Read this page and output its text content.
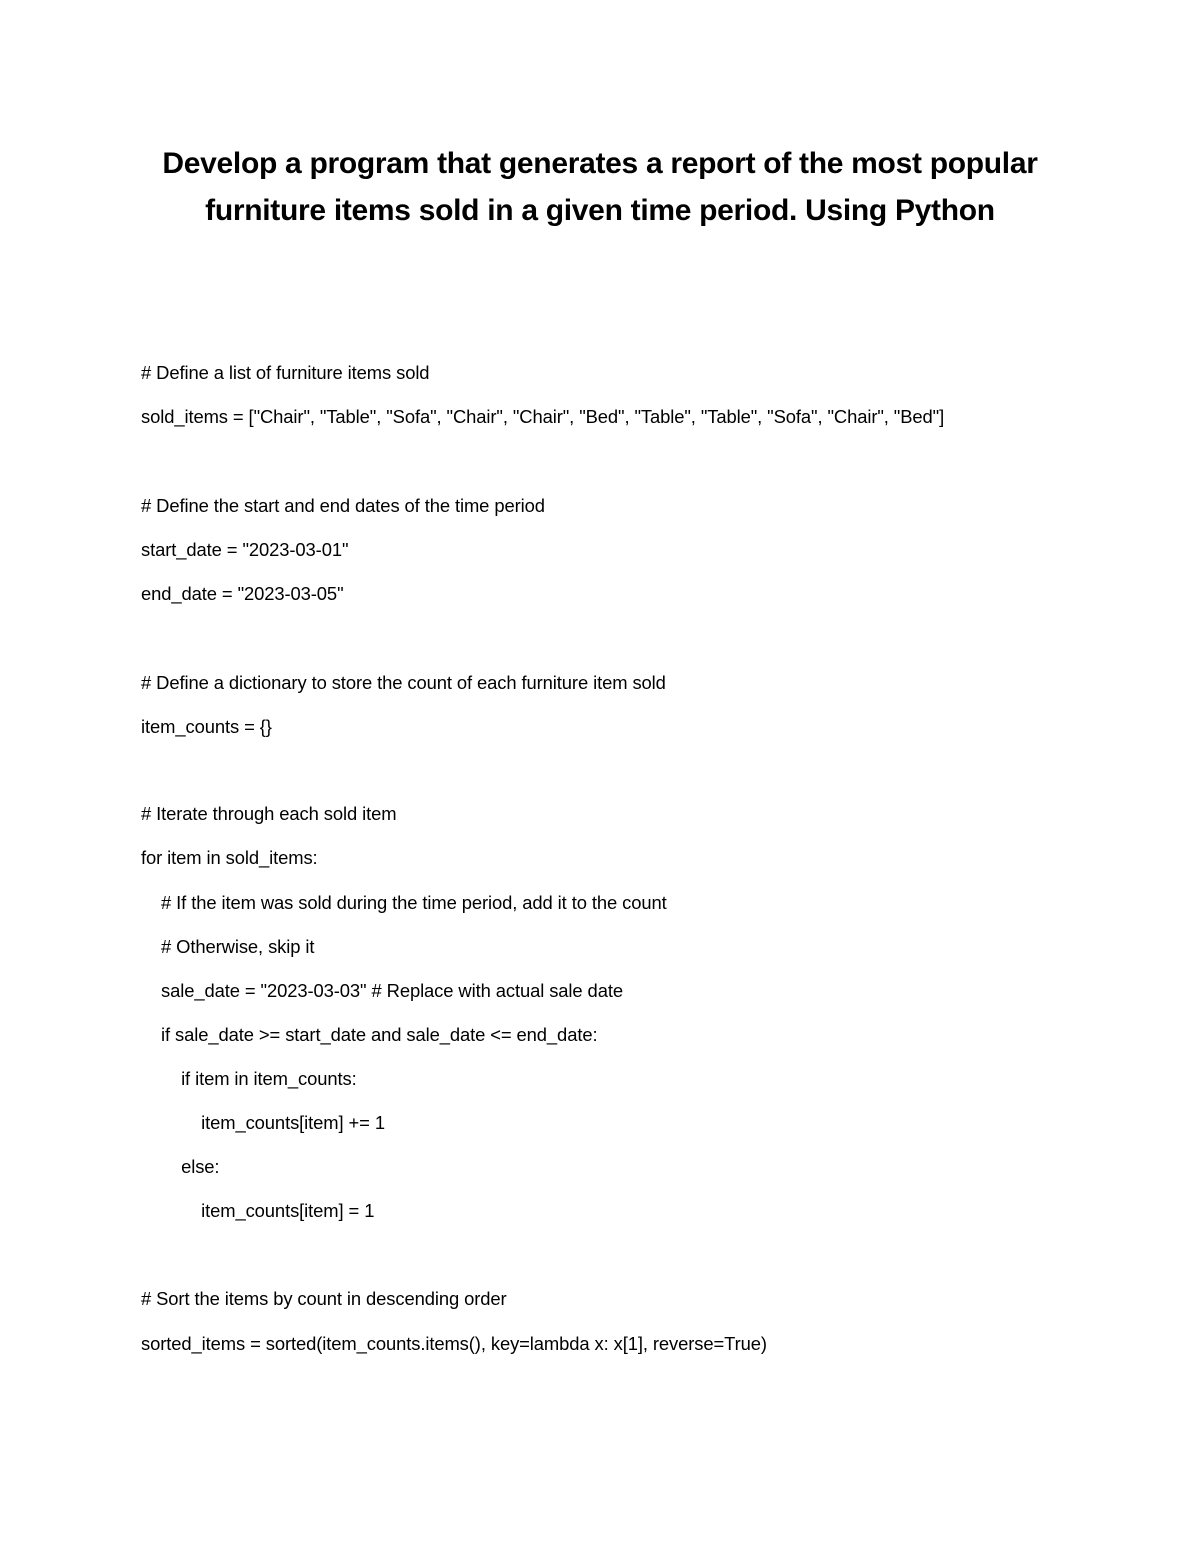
Develop a program that generates a report of the most popular furniture items sold in a given time period. Using Python
# Define a list of furniture items sold
sold_items = ["Chair", "Table", "Sofa", "Chair", "Chair", "Bed", "Table", "Table", "Sofa", "Chair", "Bed"]
# Define the start and end dates of the time period
start_date = "2023-03-01"
end_date = "2023-03-05"
# Define a dictionary to store the count of each furniture item sold
item_counts = {}
# Iterate through each sold item
for item in sold_items:
# If the item was sold during the time period, add it to the count
# Otherwise, skip it
sale_date = "2023-03-03" # Replace with actual sale date
if sale_date >= start_date and sale_date <= end_date:
if item in item_counts:
item_counts[item] += 1
else:
item_counts[item] = 1
# Sort the items by count in descending order
sorted_items = sorted(item_counts.items(), key=lambda x: x[1], reverse=True)
